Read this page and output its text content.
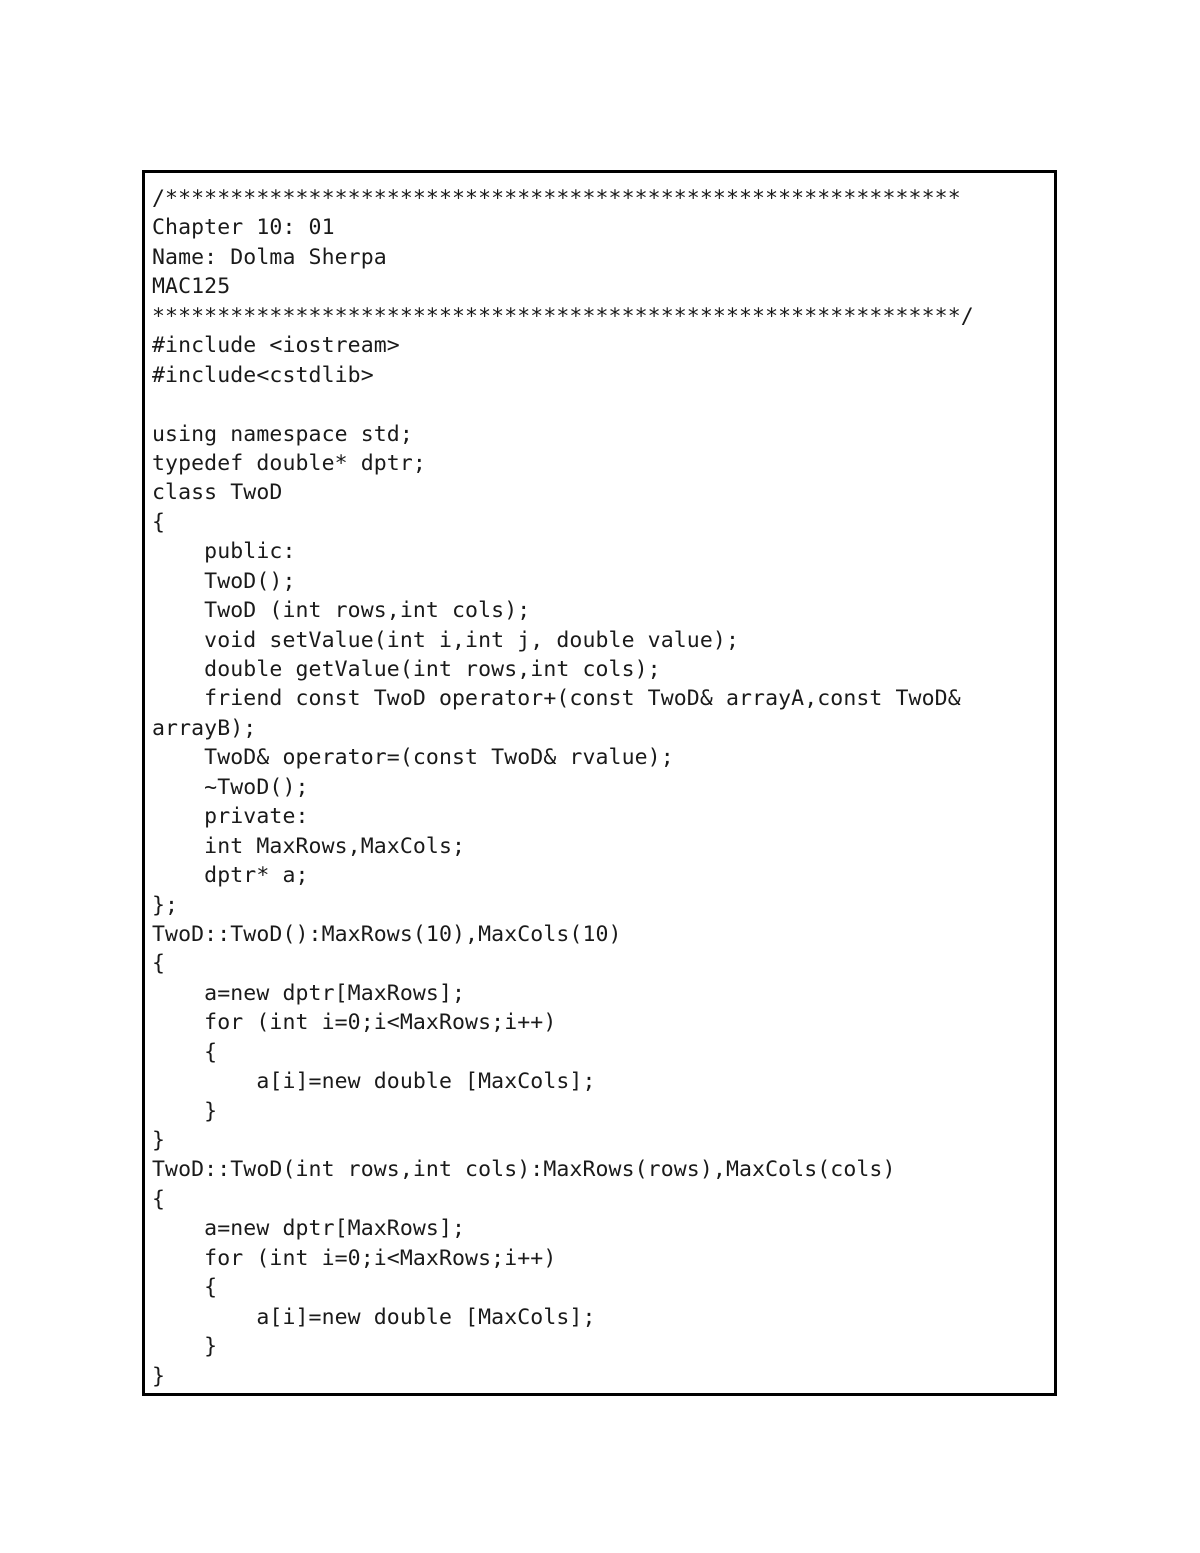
/*************************************************************
Chapter 10: 01
Name: Dolma Sherpa
MAC125
**************************************************************/
#include <iostream>
#include<cstdlib>
using namespace std;
typedef double* dptr;
class TwoD
{
public:
TwoD();
TwoD (int rows,int cols);
void setValue(int i,int j, double value);
double getValue(int rows,int cols);
friend const TwoD operator+(const TwoD& arrayA,const TwoD&
arrayB);
TwoD& operator=(const TwoD& rvalue);
~TwoD();
private:
int MaxRows,MaxCols;
dptr* a;
};
TwoD::TwoD():MaxRows(10),MaxCols(10)
{
a=new dptr[MaxRows];
for (int i=0;i<MaxRows;i++)
{
a[i]=new double [MaxCols];
}
}
TwoD::TwoD(int rows,int cols):MaxRows(rows),MaxCols(cols)
{
a=new dptr[MaxRows];
for (int i=0;i<MaxRows;i++)
{
a[i]=new double [MaxCols];
}
}
